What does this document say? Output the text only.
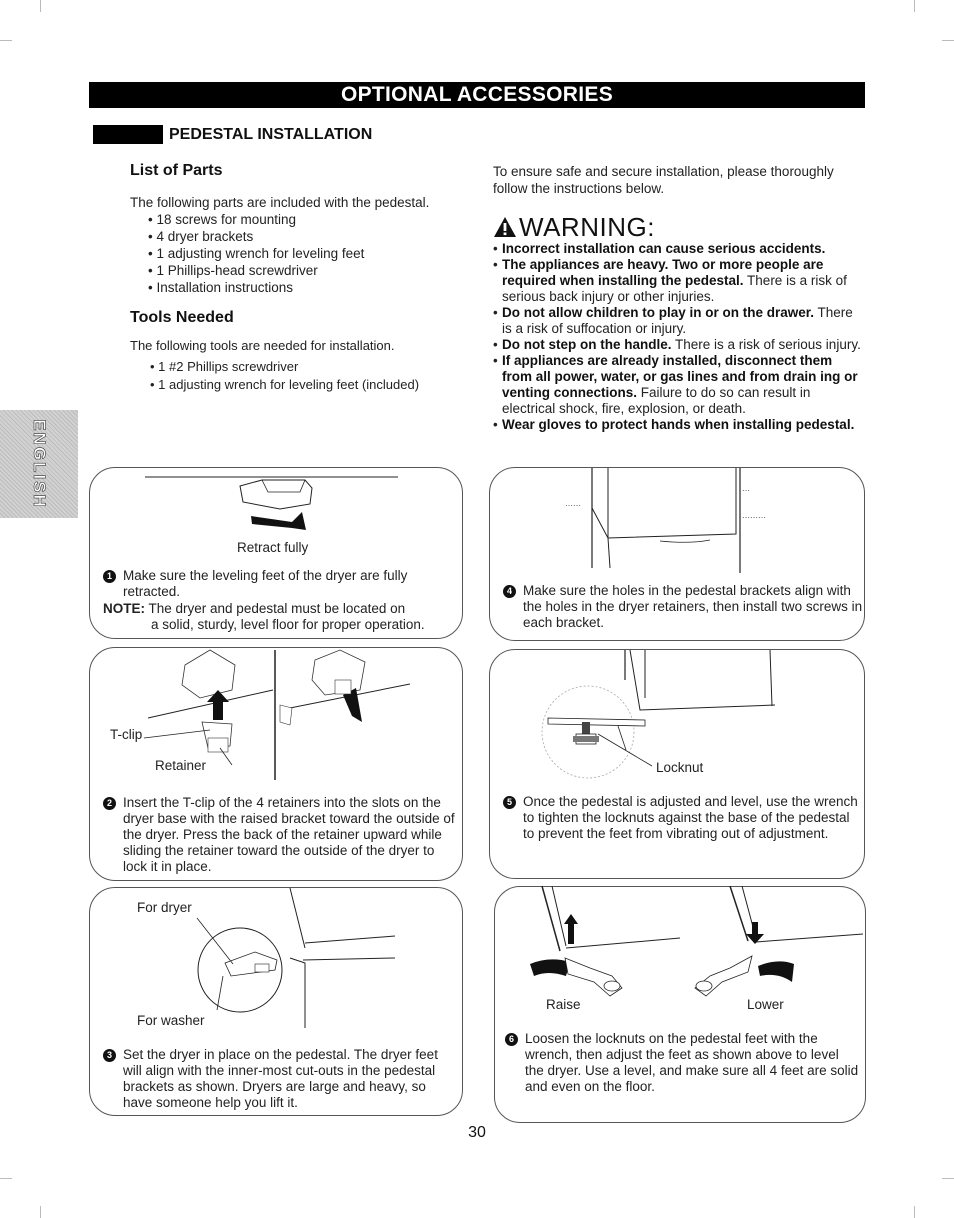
OPTIONAL ACCESSORIES
PEDESTAL INSTALLATION
ENGLISH
List of Parts
The following parts are included with the pedestal.
• 18 screws for mounting
• 4 dryer brackets
• 1 adjusting wrench for leveling feet
• 1 Phillips-head screwdriver
• Installation instructions
Tools Needed
The following tools are needed for installation.
• 1 #2 Phillips screwdriver
• 1 adjusting wrench for leveling feet (included)
To ensure safe and secure installation, please thoroughly follow the instructions below.
WARNING:

• Incorrect installation can cause serious accidents.

• The appliances are heavy. Two or more people are required when installing the pedestal. There is a risk of serious back injury or other injuries.

• Do not allow children to play in or on the drawer. There is a risk of suffocation or injury.

• Do not step on the handle. There is a risk of serious injury.

• If appliances are already installed, disconnect them from all power, water, or gas lines and from drain ing or venting connections. Failure to do so can result in electrical shock, fire, explosion, or death.

• Wear gloves to protect hands when installing pedestal.

Retract fully
1 Make sure the leveling feet of the dryer are fully retracted.
NOTE: The dryer and pedestal must be located on
a solid, sturdy, level floor for proper operation.
T-clip
Retainer
2 Insert the T-clip of the 4 retainers into the slots on the dryer base with the raised bracket toward the outside of the dryer. Press the back of the retainer upward while sliding the retainer toward the outside of the dryer to lock it in place.
For dryer
For washer
3 Set the dryer in place on the pedestal. The dryer feet will align with the inner-most cut-outs in the pedestal brackets as shown. Dryers are large and heavy, so have someone help you lift it.
⋯⋯
⋯
⋯⋯⋯
4 Make sure the holes in the pedestal brackets align with the holes in the dryer retainers, then install two screws in each bracket.
Locknut
5 Once the pedestal is adjusted and level, use the wrench to tighten the locknuts against the base of the pedestal to prevent the feet from vibrating out of adjustment.
Raise	Lower
6 Loosen the locknuts on the pedestal feet with the wrench, then adjust the feet as shown above to level the dryer. Use a level, and make sure all 4 feet are solid and even on the floor.
30
